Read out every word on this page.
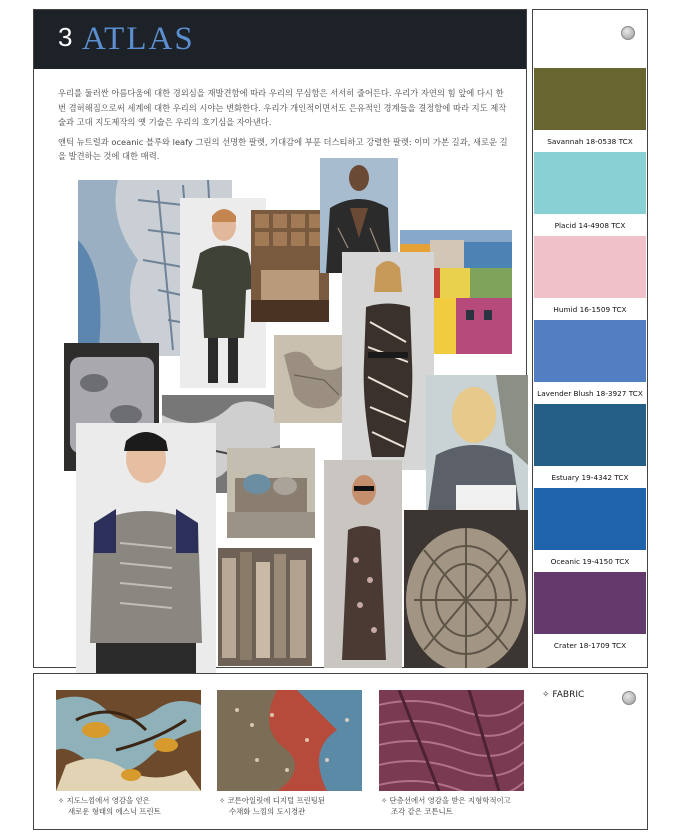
3 ATLAS

우리를 둘러싼 아름다움에 대한 경외심을 재발견함에 따라 우리의 무심함은 서서히 줄어든다. 우리가 자연의 힘 앞에 다시 한번 겸허해짐으로써 세계에 대한 우리의 시야는 변화한다. 우리가 개인적이면서도 은유적인 경계들을 결정함에 따라 지도 제작술과 고대 지도제작의 옛 기술은 우리의 호기심을 자아낸다.

앤틱 뉴트럴과 oceanic 블루와 leafy 그린의 선명한 팔렛, 기대감에 부푼 더스티하고 강렬한 팔렛: 이미 가본 길과, 새로운 길을 발견하는 것에 대한 매력.

Savannah 18-0538 TCX
Placid 14-4908 TCX
Humid 16-1509 TCX
Lavender Blush 18-3927 TCX
Estuary 19-4342 TCX
Oceanic 19-4150 TCX
Crater 18-1709 TCX
✧ 지도느낌에서 영감을 얻은
새로운 형태의 에스닉 프린트
✧ 코튼아일릿에 디지털 프린팅된
수채화 느낌의 도시경관
✧ 단층선에서 영감을 받은 지형학적이고
조각 같은 코튼니트
✧ FABRIC
